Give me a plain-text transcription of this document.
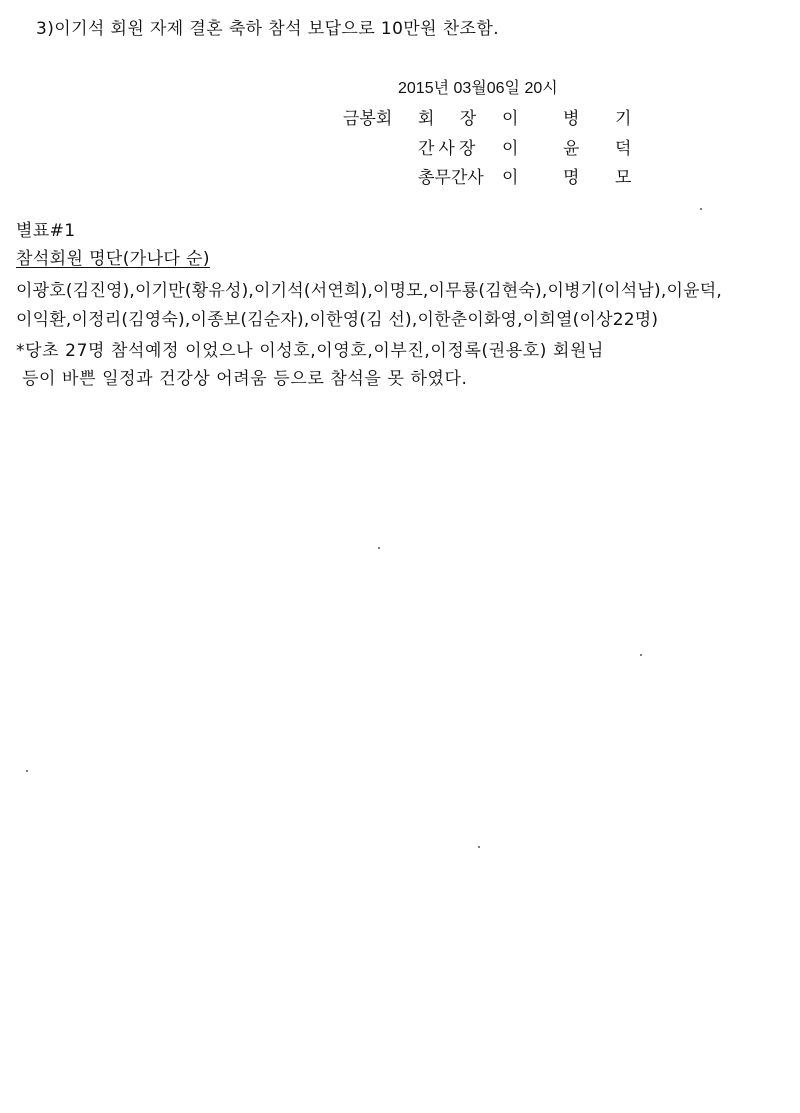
3)이기석 회원 자제 결혼 축하 참석 보답으로 10만원 찬조함.
2015년 03월06일 20시
금봉회 회 장 이	병 기
간사장 이	윤 덕
총무간사 이	명 모
별표#1
참석회원 명단(가나다 순)
이광호(김진영),이기만(황유성),이기석(서연희),이명모,이무룡(김현숙),이병기(이석남),이윤덕,
이익환,이정리(김영숙),이종보(김순자),이한영(김 선),이한춘이화영,이희열(이상22명)
*당초 27명 참석예정 이었으나 이성호,이영호,이부진,이정록(권용호) 회원님
등이 바쁜 일정과 건강상 어려움 등으로 참석을 못 하였다.
